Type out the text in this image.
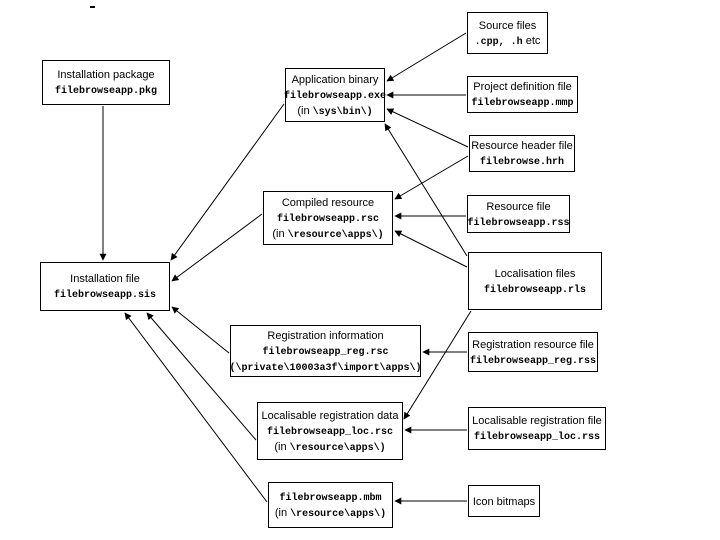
Installation package
filebrowseapp.pkg
Source files
.cpp, .h etc
Application binary
filebrowseapp.exe
(in \sys\bin\)
Project definition file
filebrowseapp.mmp
Resource header file
filebrowse.hrh
Compiled resource
filebrowseapp.rsc
(in \resource\apps\)
Resource file
filebrowseapp.rss
Localisation files
filebrowseapp.rls
Installation file
filebrowseapp.sis
Registration information
filebrowseapp_reg.rsc
(\private\10003a3f\import\apps\)
Registration resource file
filebrowseapp_reg.rss
Localisable registration data
filebrowseapp_loc.rsc
(in \resource\apps\)
Localisable registration file
filebrowseapp_loc.rss
filebrowseapp.mbm
(in \resource\apps\)
Icon bitmaps
